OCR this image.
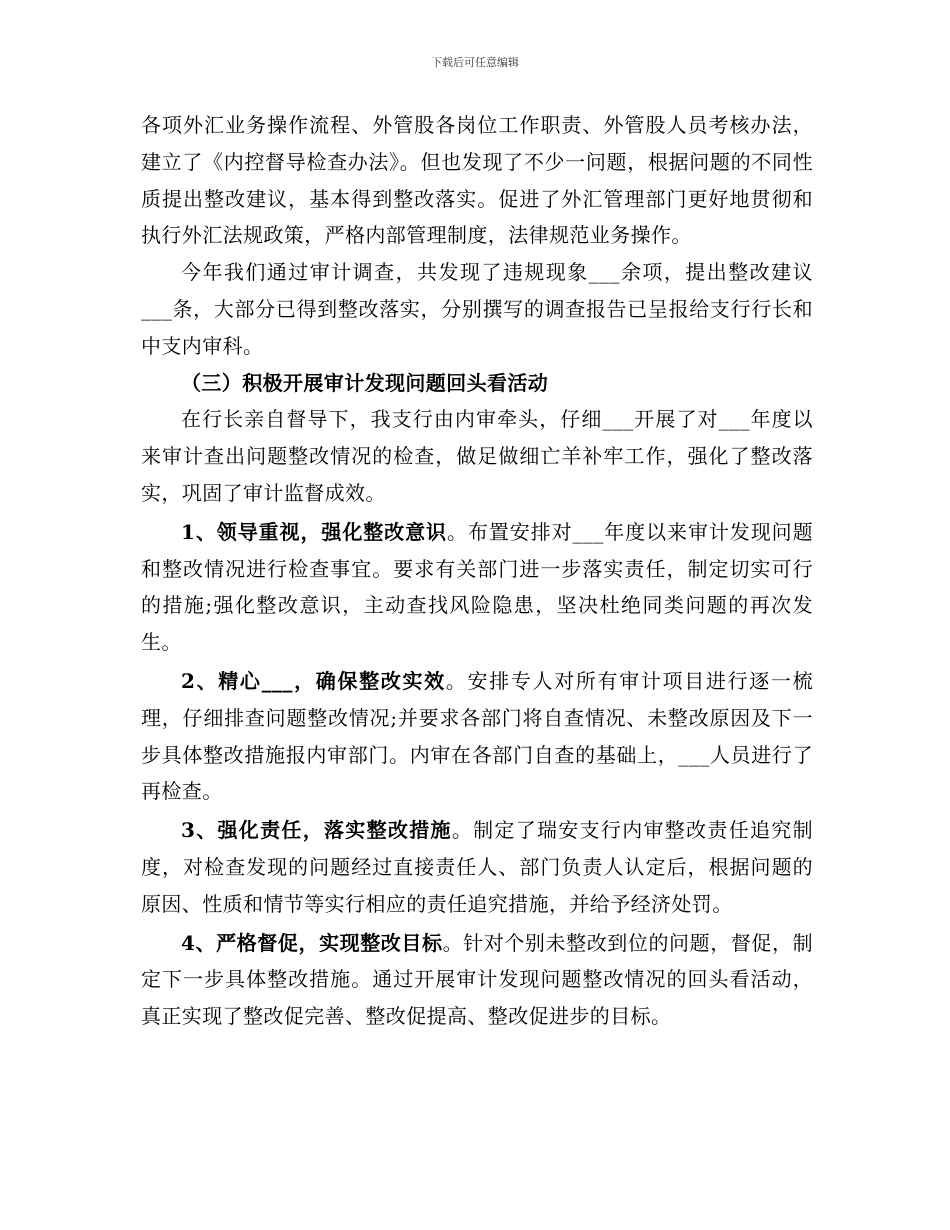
下载后可任意编辑

各项外汇业务操作流程、外管股各岗位工作职责、外管股人员考核办法，建立了《内控督导检查办法》。但也发现了不少一问题，根据问题的不同性质提出整改建议，基本得到整改落实。促进了外汇管理部门更好地贯彻和执行外汇法规政策，严格内部管理制度，法律规范业务操作。

今年我们通过审计调查，共发现了违规现象___余项，提出整改建议___条，大部分已得到整改落实，分别撰写的调查报告已呈报给支行行长和中支内审科。

（三）积极开展审计发现问题回头看活动

在行长亲自督导下，我支行由内审牵头，仔细___开展了对___年度以来审计查出问题整改情况的检查，做足做细亡羊补牢工作，强化了整改落实，巩固了审计监督成效。

1、领导重视，强化整改意识。布置安排对___年度以来审计发现问题和整改情况进行检查事宜。要求有关部门进一步落实责任，制定切实可行的措施;强化整改意识，主动查找风险隐患，坚决杜绝同类问题的再次发生。

2、精心___，确保整改实效。安排专人对所有审计项目进行逐一梳理，仔细排查问题整改情况;并要求各部门将自查情况、未整改原因及下一步具体整改措施报内审部门。内审在各部门自查的基础上，___人员进行了再检查。

3、强化责任，落实整改措施。制定了瑞安支行内审整改责任追究制度，对检查发现的问题经过直接责任人、部门负责人认定后，根据问题的原因、性质和情节等实行相应的责任追究措施，并给予经济处罚。

4、严格督促，实现整改目标。针对个别未整改到位的问题，督促，制定下一步具体整改措施。通过开展审计发现问题整改情况的回头看活动，真正实现了整改促完善、整改促提高、整改促进步的目标。
